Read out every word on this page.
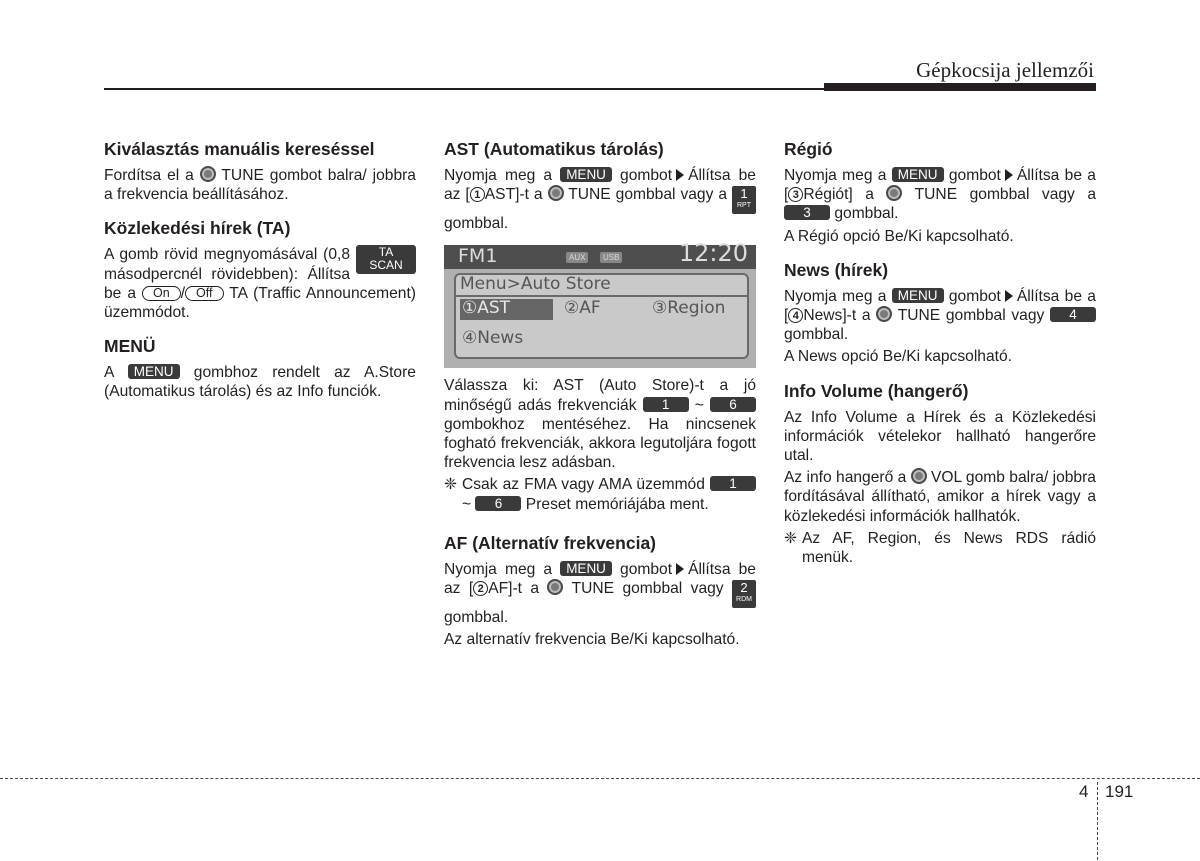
Gépkocsija jellemzői
Kiválasztás manuális kereséssel

Fordítsa el a TUNE gombot balra/ jobbra a frekvencia beállításához.

Közlekedési hírek (TA)

TA
SCAN
A gomb rövid megnyomásával (0,8 másodpercnél rövidebben): Állítsa be a On / Off TA (Traffic Announcement) üzemmódot.

MENÜ

A MENU gombhoz rendelt az A.Store (Automatikus tárolás) és az Info funciók.

AST (Automatikus tárolás)

Nyomja meg a MENU gombot Állítsa be az [ 1 AST]-t a TUNE gombbal vagy a	1
RPT
gombbal.

FM1	AUX	USB 12:20
Menu>Auto Store
①AST	②AF	③Region
④News

Válassza ki: AST (Auto Store)-t a jó minőségű adás frekvenciák 1 ~ 6 gombokhoz mentéséhez. Ha nincsenek fogható frekvenciák, akkora legutoljára fogott frekvencia lesz adásban.

❈ Csak az FMA vagy AMA üzemmód 1 ~ 6 Preset memóriájába ment.
AF (Alternatív frekvencia)

Nyomja meg a MENU gombot Állítsa be az [ 2 AF]-t a TUNE gombbal vagy	2
RDM
gombbal.

Az alternatív frekvencia Be/Ki kapcsolható.

Régió

Nyomja meg a MENU gombot Állítsa be a [ 3 Régiót] a	TUNE gombbal vagy a 3 gombbal.

A Régió opció Be/Ki kapcsolható.

News (hírek)

Nyomja meg a MENU gombot Állítsa be a [ 4 News]-t a TUNE gombbal vagy 4 gombbal.

A News opció Be/Ki kapcsolható.

Info Volume (hangerő)

Az Info Volume a Hírek és a Közlekedési információk vételekor hallható hangerőre utal.

Az info hangerő a VOL gomb balra/ jobbra fordításával állítható, amikor a hírek vagy a közlekedési információk hallhatók.

❈ Az AF, Region, és News RDS rádió menük.
4 191
